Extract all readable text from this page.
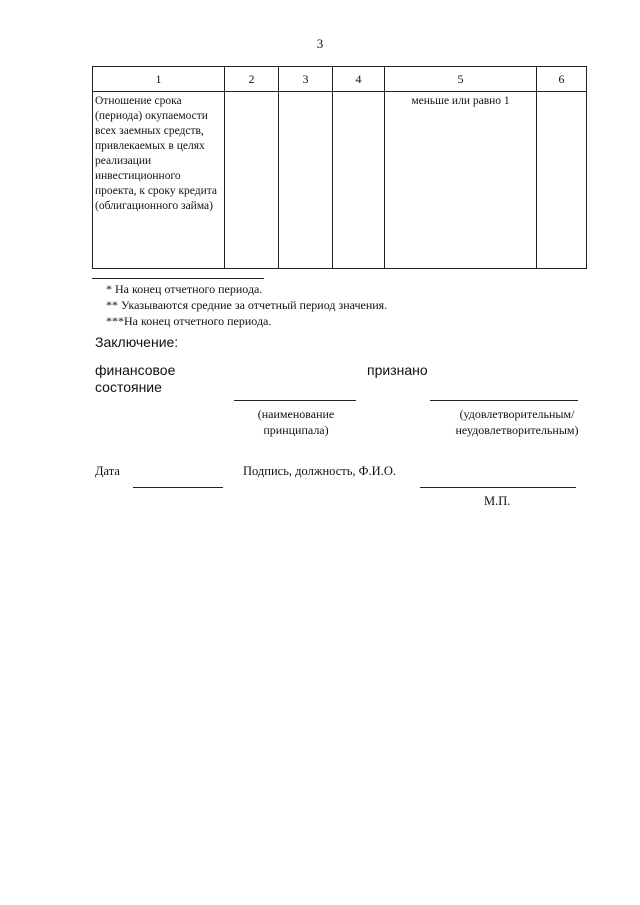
3
1	2	3	4	5	6

Отношение срока (периода) окупаемости всех заемных средств, привлекаемых в целях реализации инвестиционного проекта, к сроку кредита (облигационного займа)				меньше или равно 1	

* На конец отчетного периода.
** Указываются средние за отчетный период значения.
***На конец отчетного периода.
Заключение:
финансовое состояние
признано
(наименование принципала)
(удовлетворительным/ неудовлетворительным)
Дата	Подпись, должность, Ф.И.О.
М.П.
